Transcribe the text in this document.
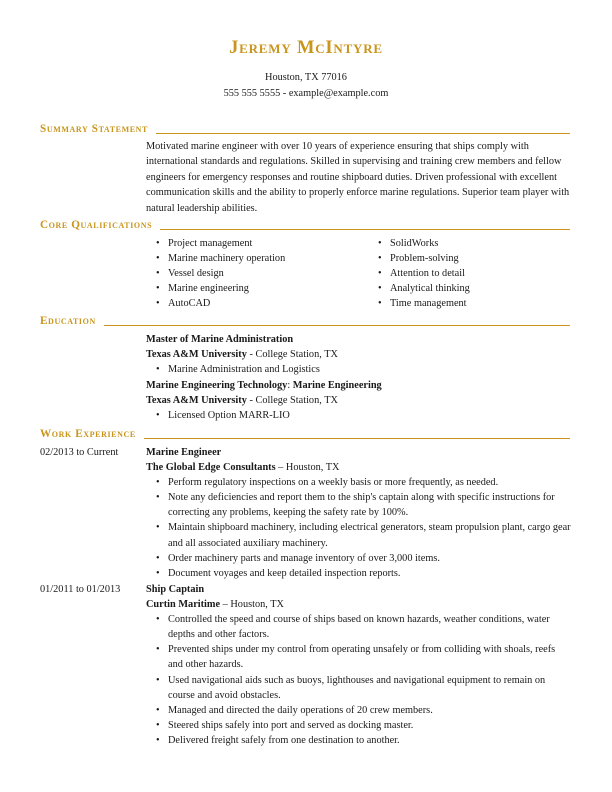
Jeremy McIntyre
Houston, TX 77016
555 555 5555 - example@example.com
Summary Statement
Motivated marine engineer with over 10 years of experience ensuring that ships comply with international standards and regulations. Skilled in supervising and training crew members and fellow engineers for emergency responses and routine shipboard duties. Driven professional with excellent communication skills and the ability to properly enforce marine regulations. Superior team player with natural leadership abilities.
Core Qualifications
• Project management
• Marine machinery operation
• Vessel design
• Marine engineering
• AutoCAD
• SolidWorks
• Problem-solving
• Attention to detail
• Analytical thinking
• Time management
Education
Master of Marine Administration
Texas A&M University - College Station, TX
• Marine Administration and Logistics
Marine Engineering Technology: Marine Engineering
Texas A&M University - College Station, TX
• Licensed Option MARR-LIO
Work Experience
02/2013 to Current	Marine Engineer
The Global Edge Consultants – Houston, TX
• Perform regulatory inspections on a weekly basis or more frequently, as needed.
• Note any deficiencies and report them to the ship's captain along with specific instructions for correcting any problems, keeping the safety rate by 100%.
• Maintain shipboard machinery, including electrical generators, steam propulsion plant, cargo gear and all associated auxiliary machinery.
• Order machinery parts and manage inventory of over 3,000 items.
• Document voyages and keep detailed inspection reports.
01/2011 to 01/2013	Ship Captain
Curtin Maritime – Houston, TX
• Controlled the speed and course of ships based on known hazards, weather conditions, water depths and other factors.
• Prevented ships under my control from operating unsafely or from colliding with shoals, reefs and other hazards.
• Used navigational aids such as buoys, lighthouses and navigational equipment to remain on course and avoid obstacles.
• Managed and directed the daily operations of 20 crew members.
• Steered ships safely into port and served as docking master.
• Delivered freight safely from one destination to another.
